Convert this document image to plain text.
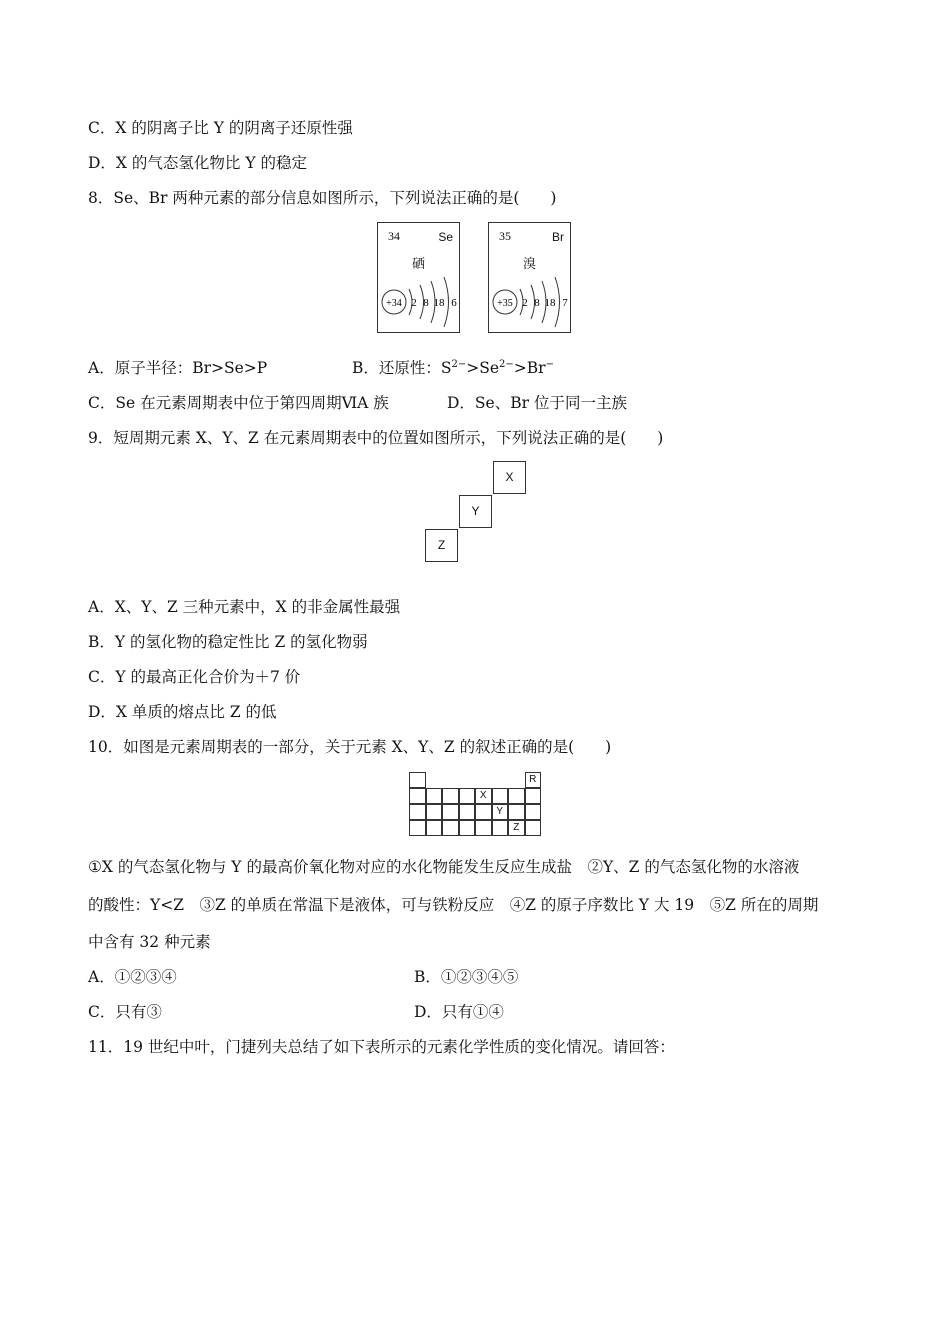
C．X 的阴离子比 Y 的阴离子还原性强
D．X 的气态氢化物比 Y 的稳定
8．Se、Br 两种元素的部分信息如图所示，下列说法正确的是(　　)
34	Se
硒
+34 2 8 18 6
35	Br
溴
+35 2 8 18 7
A．原子半径：Br>Se>P	B．还原性：$S^{2-}>Se^{2-}>Br^-$
C．Se 在元素周期表中位于第四周期ⅥA 族	D．Se、Br 位于同一主族
9．短周期元素 X、Y、Z 在元素周期表中的位置如图所示，下列说法正确的是(　　)
X
Y
Z
A．X、Y、Z 三种元素中，X 的非金属性最强
B．Y 的氢化物的稳定性比 Z 的氢化物弱
C．Y 的最高正化合价为＋7 价
D．X 单质的熔点比 Z 的低
10．如图是元素周期表的一部分，关于元素 X、Y、Z 的叙述正确的是(　　)
R
X
Y
Z
①X 的气态氢化物与 Y 的最高价氧化物对应的水化物能发生反应生成盐　②Y、Z 的气态氢化物的水溶液
的酸性：Y<Z　③Z 的单质在常温下是液体，可与铁粉反应　④Z 的原子序数比 Y 大 19　⑤Z 所在的周期
中含有 32 种元素
A．①②③④	B．①②③④⑤
C．只有③	D．只有①④
11．19 世纪中叶，门捷列夫总结了如下表所示的元素化学性质的变化情况。请回答：
